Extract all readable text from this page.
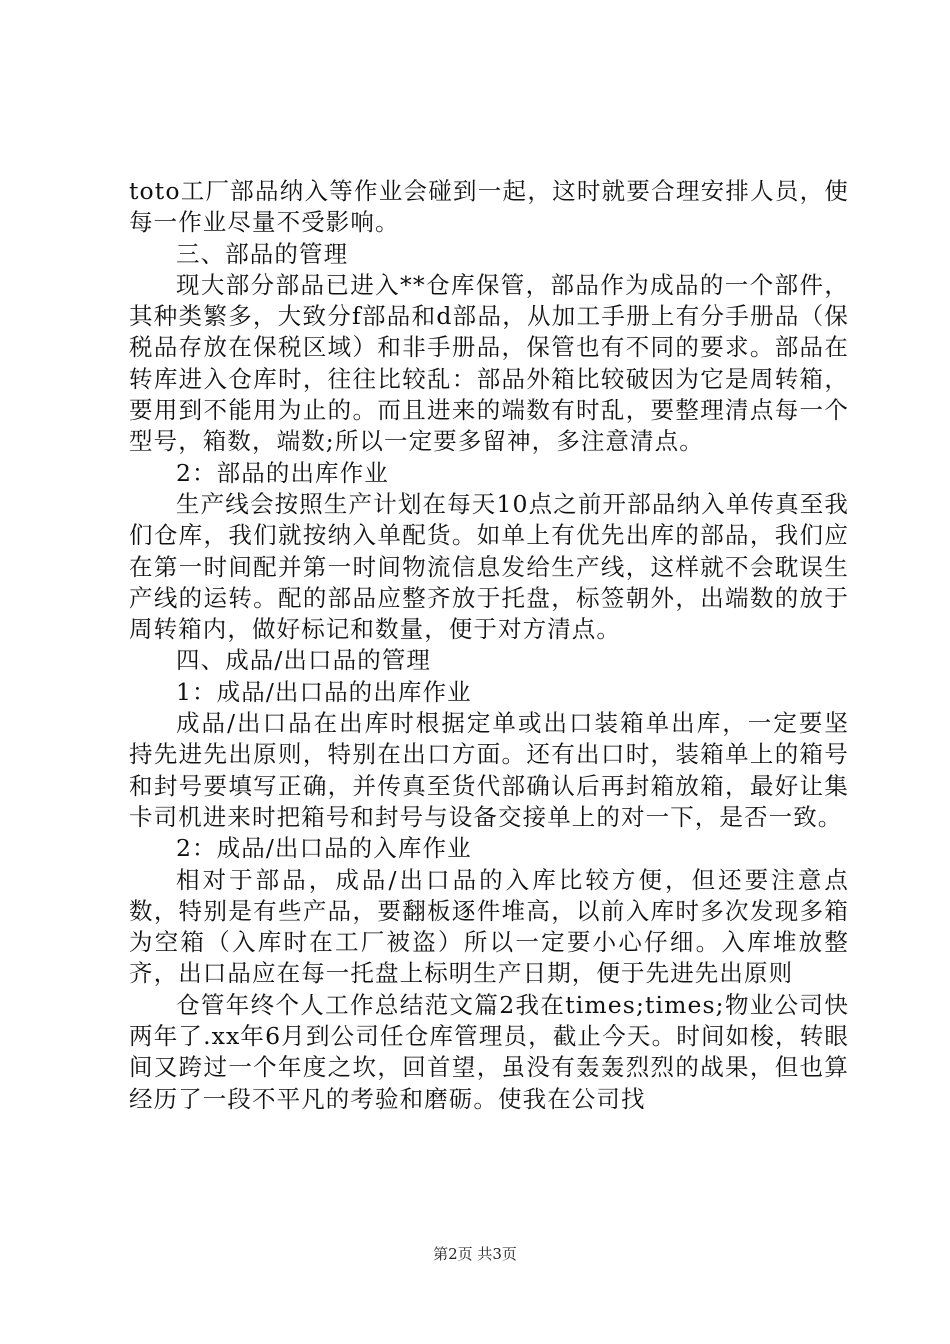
toto工厂部品纳入等作业会碰到一起，这时就要合理安排人员，使每一作业尽量不受影响。

三、部品的管理

现大部分部品已进入**仓库保管，部品作为成品的一个部件，其种类繁多，大致分f部品和d部品，从加工手册上有分手册品（保税品存放在保税区域）和非手册品，保管也有不同的要求。部品在转库进入仓库时，往往比较乱：部品外箱比较破因为它是周转箱，要用到不能用为止的。而且进来的端数有时乱，要整理清点每一个型号，箱数，端数;所以一定要多留神，多注意清点。

2：部品的出库作业

生产线会按照生产计划在每天10点之前开部品纳入单传真至我们仓库，我们就按纳入单配货。如单上有优先出库的部品，我们应在第一时间配并第一时间物流信息发给生产线，这样就不会耽误生产线的运转。配的部品应整齐放于托盘，标签朝外，出端数的放于周转箱内，做好标记和数量，便于对方清点。

四、成品/出口品的管理

1：成品/出口品的出库作业

成品/出口品在出库时根据定单或出口装箱单出库，一定要坚持先进先出原则，特别在出口方面。还有出口时，装箱单上的箱号和封号要填写正确，并传真至货代部确认后再封箱放箱，最好让集卡司机进来时把箱号和封号与设备交接单上的对一下，是否一致。

2：成品/出口品的入库作业

相对于部品，成品/出口品的入库比较方便，但还要注意点数，特别是有些产品，要翻板逐件堆高，以前入库时多次发现多箱为空箱（入库时在工厂被盗）所以一定要小心仔细。入库堆放整齐，出口品应在每一托盘上标明生产日期，便于先进先出原则

仓管年终个人工作总结范文篇2我在times;times;物业公司快两年了.xx年6月到公司任仓库管理员，截止今天。时间如梭，转眼间又跨过一个年度之坎，回首望，虽没有轰轰烈烈的战果，但也算经历了一段不平凡的考验和磨砺。使我在公司找

第2页 共3页
